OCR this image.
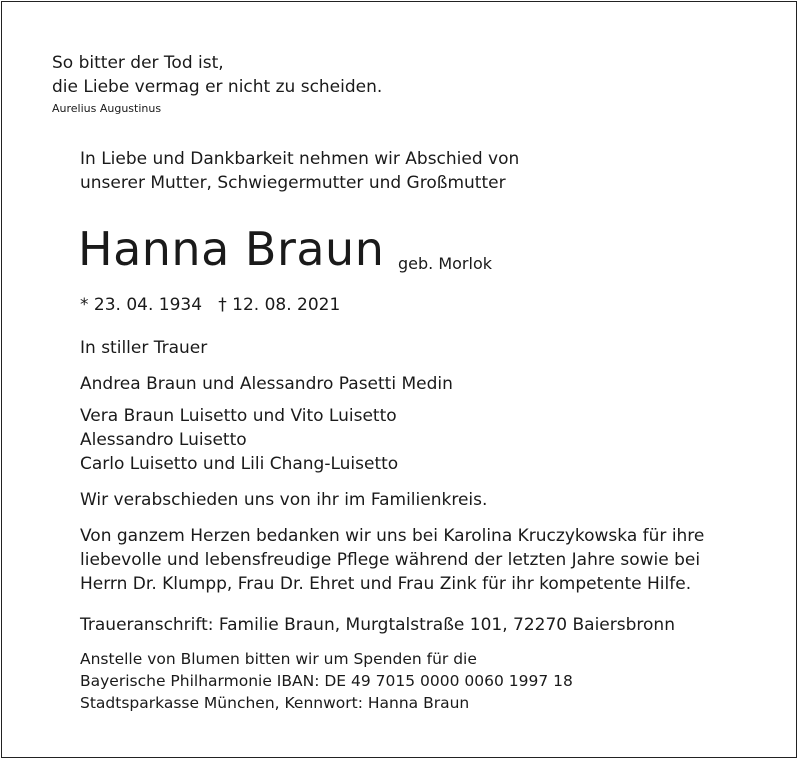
So bitter der Tod ist,
die Liebe vermag er nicht zu scheiden.
Aurelius Augustinus
In Liebe und Dankbarkeit nehmen wir Abschied von
unserer Mutter, Schwiegermutter und Großmutter
Hanna Braun geb. Morlok
* 23. 04. 1934   † 12. 08. 2021
In stiller Trauer
Andrea Braun und Alessandro Pasetti Medin
Vera Braun Luisetto und Vito Luisetto
Alessandro Luisetto
Carlo Luisetto und Lili Chang-Luisetto
Wir verabschieden uns von ihr im Familienkreis.
Von ganzem Herzen bedanken wir uns bei Karolina Kruczykowska für ihre
liebevolle und lebensfreudige Pflege während der letzten Jahre sowie bei
Herrn Dr. Klumpp, Frau Dr. Ehret und Frau Zink für ihr kompetente Hilfe.
Traueranschrift: Familie Braun, Murgtalstraße 101, 72270 Baiersbronn
Anstelle von Blumen bitten wir um Spenden für die
Bayerische Philharmonie IBAN: DE 49 7015 0000 0060 1997 18
Stadtsparkasse München, Kennwort: Hanna Braun
